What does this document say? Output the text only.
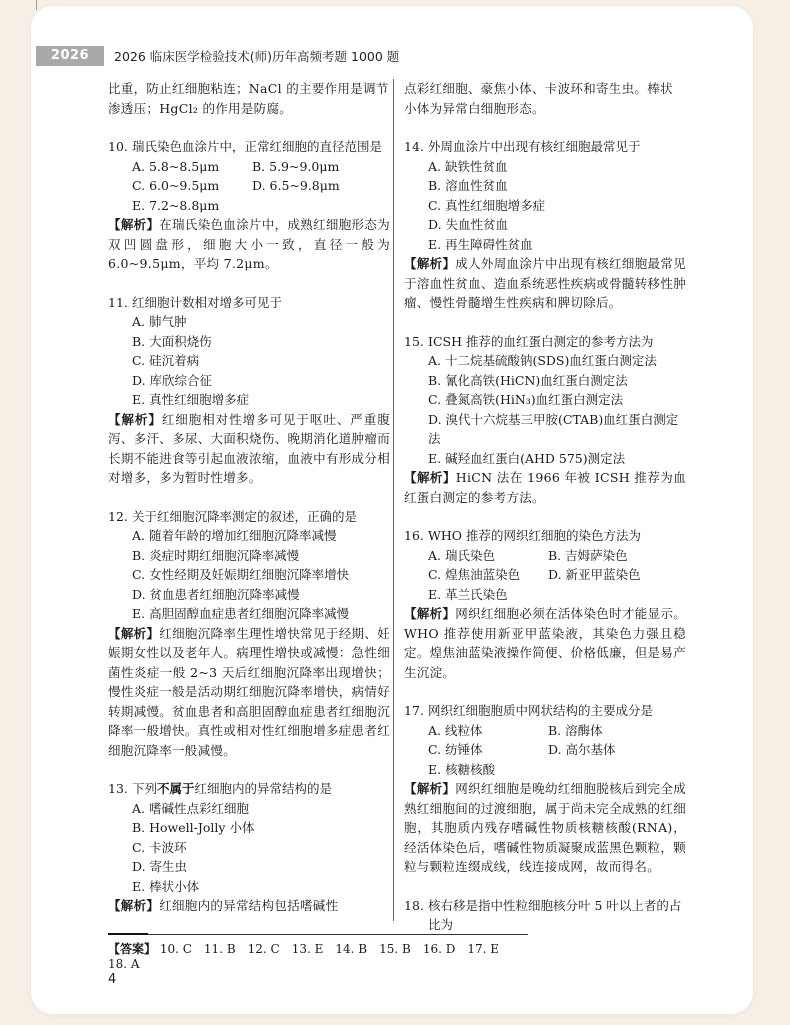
2026	2026 临床医学检验技术(师)历年高频考题 1000 题
比重，防止红细胞粘连；NaCl 的主要作用是调节
渗透压；HgCl₂ 的作用是防腐。
10. 瑞氏染色血涂片中，正常红细胞的直径范围是
A. 5.8~8.5μm	B. 5.9~9.0μm
C. 6.0~9.5μm	D. 6.5~9.8μm
E. 7.2~8.8μm
【解析】在瑞氏染色血涂片中，成熟红细胞形态为双凹圆盘形，细胞大小一致，直径一般为 6.0~9.5μm，平均 7.2μm。
11. 红细胞计数相对增多可见于
A. 肺气肿
B. 大面积烧伤
C. 硅沉着病
D. 库欣综合征
E. 真性红细胞增多症
【解析】红细胞相对性增多可见于呕吐、严重腹泻、多汗、多尿、大面积烧伤、晚期消化道肿瘤而长期不能进食等引起血液浓缩，血液中有形成分相对增多，多为暂时性增多。
12. 关于红细胞沉降率测定的叙述，正确的是
A. 随着年龄的增加红细胞沉降率减慢
B. 炎症时期红细胞沉降率减慢
C. 女性经期及妊娠期红细胞沉降率增快
D. 贫血患者红细胞沉降率减慢
E. 高胆固醇血症患者红细胞沉降率减慢
【解析】红细胞沉降率生理性增快常见于经期、妊娠期女性以及老年人。病理性增快或减慢：急性细菌性炎症一般 2~3 天后红细胞沉降率出现增快；慢性炎症一般是活动期红细胞沉降率增快，病情好转期减慢。贫血患者和高胆固醇血症患者红细胞沉降率一般增快。真性或相对性红细胞增多症患者红细胞沉降率一般减慢。
13. 下列不属于红细胞内的异常结构的是
A. 嗜碱性点彩红细胞
B. Howell-Jolly 小体
C. 卡波环
D. 寄生虫
E. 棒状小体
【解析】红细胞内的异常结构包括嗜碱性
点彩红细胞、豪焦小体、卡波环和寄生虫。棒状
小体为异常白细胞形态。
14. 外周血涂片中出现有核红细胞最常见于
A. 缺铁性贫血
B. 溶血性贫血
C. 真性红细胞增多症
D. 失血性贫血
E. 再生障碍性贫血
【解析】成人外周血涂片中出现有核红细胞最常见于溶血性贫血、造血系统恶性疾病或骨髓转移性肿瘤、慢性骨髓增生性疾病和脾切除后。
15. ICSH 推荐的血红蛋白测定的参考方法为
A. 十二烷基硫酸钠(SDS)血红蛋白测定法
B. 氰化高铁(HiCN)血红蛋白测定法
C. 叠氮高铁(HiN₃)血红蛋白测定法
D. 溴代十六烷基三甲胺(CTAB)血红蛋白测定法
E. 碱羟血红蛋白(AHD 575)测定法
【解析】HiCN 法在 1966 年被 ICSH 推荐为血红蛋白测定的参考方法。
16. WHO 推荐的网织红细胞的染色方法为
A. 瑞氏染色	B. 吉姆萨染色
C. 煌焦油蓝染色	D. 新亚甲蓝染色
E. 革兰氏染色
【解析】网织红细胞必须在活体染色时才能显示。WHO 推荐使用新亚甲蓝染液，其染色力强且稳定。煌焦油蓝染液操作简便、价格低廉，但是易产生沉淀。
17. 网织红细胞胞质中网状结构的主要成分是
A. 线粒体	B. 溶酶体
C. 纺锤体	D. 高尔基体
E. 核糖核酸
【解析】网织红细胞是晚幼红细胞脱核后到完全成熟红细胞间的过渡细胞，属于尚未完全成熟的红细胞，其胞质内残存嗜碱性物质核糖核酸(RNA)，经活体染色后，嗜碱性物质凝聚成蓝黑色颗粒，颗粒与颗粒连缀成线，线连接成网，故而得名。
18. 核右移是指中性粒细胞核分叶 5 叶以上者的占比为
【答案】 10. C　11. B　12. C　13. E　14. B　15. B　16. D　17. E　18. A
4
